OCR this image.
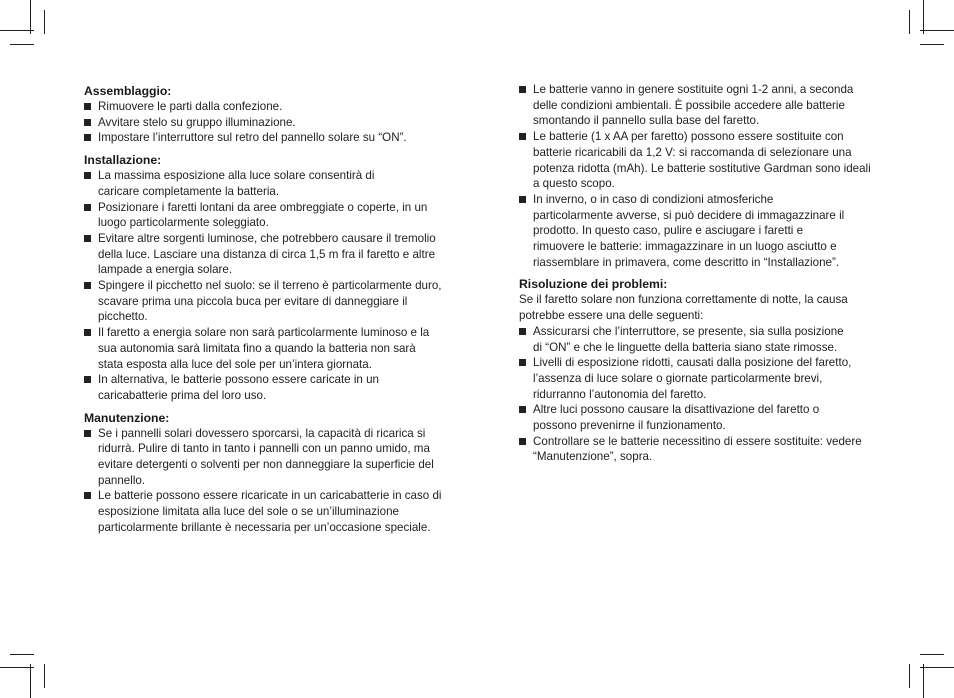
Assemblaggio:
Rimuovere le parti dalla confezione.
Avvitare stelo su gruppo illuminazione.
Impostare l’interruttore sul retro del pannello solare su “ON”.
Installazione:
La massima esposizione alla luce solare consentirà di caricare completamente la batteria.
Posizionare i faretti lontani da aree ombreggiate o coperte, in un luogo particolarmente soleggiato.
Evitare altre sorgenti luminose, che potrebbero causare il tremolio della luce. Lasciare una distanza di circa 1,5 m fra il faretto e altre lampade a energia solare.
Spingere il picchetto nel suolo: se il terreno è particolarmente duro, scavare prima una piccola buca per evitare di danneggiare il picchetto.
Il faretto a energia solare non sarà particolarmente luminoso e la sua autonomia sarà limitata fino a quando la batteria non sarà stata esposta alla luce del sole per un’intera giornata.
In alternativa, le batterie possono essere caricate in un caricabatterie prima del loro uso.
Manutenzione:
Se i pannelli solari dovessero sporcarsi, la capacità di ricarica si ridurrà. Pulire di tanto in tanto i pannelli con un panno umido, ma evitare detergenti o solventi per non danneggiare la superficie del pannello.
Le batterie possono essere ricaricate in un caricabatterie in caso di esposizione limitata alla luce del sole o se un’illuminazione particolarmente brillante è necessaria per un’occasione speciale.
Le batterie vanno in genere sostituite ogni 1-2 anni, a seconda delle condizioni ambientali. È possibile accedere alle batterie smontando il pannello sulla base del faretto.
Le batterie (1 x AA per faretto) possono essere sostituite con batterie ricaricabili da 1,2 V: si raccomanda di selezionare una potenza ridotta (mAh). Le batterie sostitutive Gardman sono ideali a questo scopo.
In inverno, o in caso di condizioni atmosferiche particolarmente avverse, si può decidere di immagazzinare il prodotto. In questo caso, pulire e asciugare i faretti e rimuovere le batterie: immagazzinare in un luogo asciutto e riassemblare in primavera, come descritto in “Installazione”.
Risoluzione dei problemi:

Se il faretto solare non funziona correttamente di notte, la causa potrebbe essere una delle seguenti:

Assicurarsi che l’interruttore, se presente, sia sulla posizione di “ON” e che le linguette della batteria siano state rimosse.
Livelli di esposizione ridotti, causati dalla posizione del faretto, l’assenza di luce solare o giornate particolarmente brevi, ridurranno l’autonomia del faretto.
Altre luci possono causare la disattivazione del faretto o possono prevenirne il funzionamento.
Controllare se le batterie necessitino di essere sostituite: vedere “Manutenzione”, sopra.
